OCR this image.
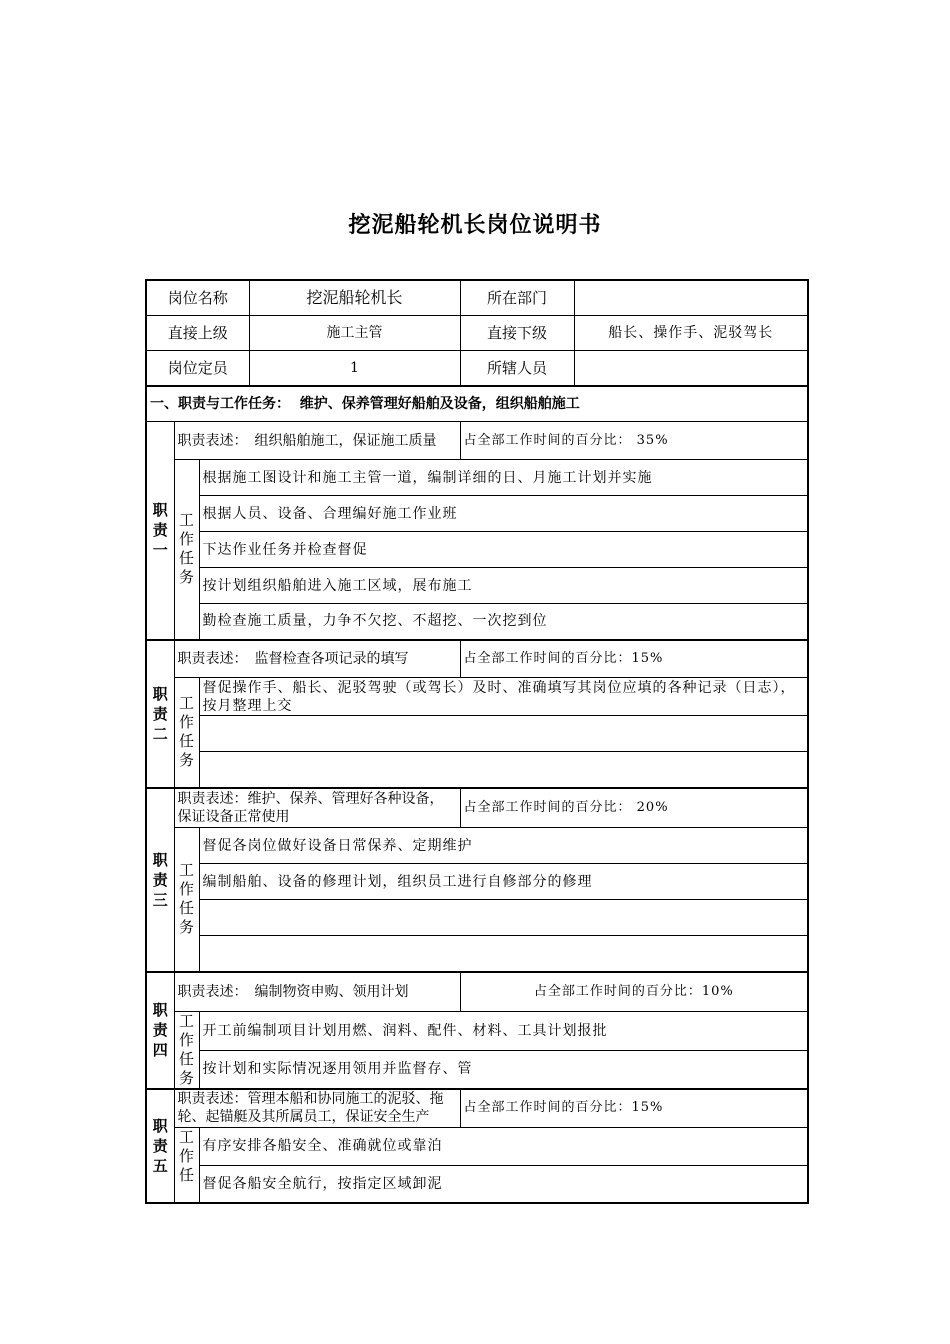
挖泥船轮机长岗位说明书
岗位名称			挖泥船轮机长	所在部门	
直接上级			施工主管	直接下级	船长、操作手、泥驳驾长
岗位定员			1	所辖人员	
一、职责与工作任务： 维护、保养管理好船舶及设备，组织船舶施工					
职
责
一	职责表述：　组织船舶施工，保证施工质量			占全部工作时间的百分比： 35%	
	工
作
任
务	根据施工图设计和施工主管一道，编制详细的日、月施工计划并实施			
		根据人员、设备、合理编好施工作业班			
		下达作业任务并检查督促			
		按计划组织船舶进入施工区域，展布施工			
		勤检查施工质量，力争不欠挖、不超挖、一次挖到位			
职
责
二	职责表述：　监督检查各项记录的填写			占全部工作时间的百分比：15%	
	工
作
任
务	督促操作手、船长、泥驳驾驶（或驾长）及时、准确填写其岗位应填的各种记录（日志），按月整理上交			

职
责
三	职责表述：维护、保养、管理好各种设备，保证设备正常使用			占全部工作时间的百分比： 20%	
	工
作
任
务	督促各岗位做好设备日常保养、定期维护			
		编制船舶、设备的修理计划，组织员工进行自修部分的修理			

职
责
四	职责表述：　编制物资申购、领用计划			占全部工作时间的百分比：10%	
	工
作
任
务	开工前编制项目计划用燃、润料、配件、材料、工具计划报批			
		按计划和实际情况逐用领用并监督存、管			
职
责
五	职责表述：管理本船和协同施工的泥驳、拖轮、起锚艇及其所属员工，保证安全生产			占全部工作时间的百分比：15%	
	工
作
任	有序安排各船安全、准确就位或靠泊			
		督促各船安全航行，按指定区域卸泥			
